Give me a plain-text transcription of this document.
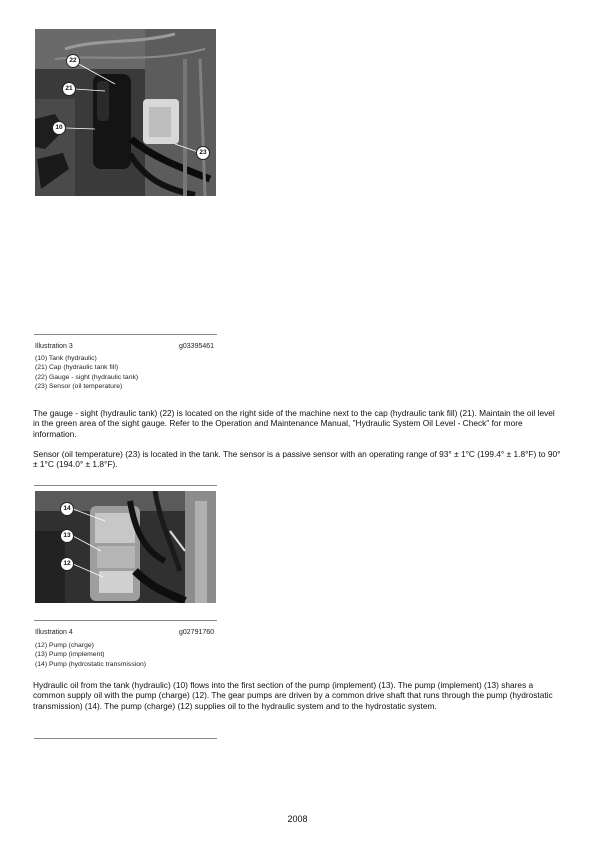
22
21
10
23
Illustration 3	g03395461
(10) Tank (hydraulic)
(21) Cap (hydraulic tank fill)
(22) Gauge - sight (hydraulic tank)
(23) Sensor (oil temperature)

The gauge - sight (hydraulic tank) (22) is located on the right side of the machine next to the cap (hydraulic tank fill) (21). Maintain the oil level in the green area of the sight gauge. Refer to the Operation and Maintenance Manual, "Hydraulic System Oil Level - Check" for more information.

Sensor (oil temperature) (23) is located in the tank. The sensor is a passive sensor with an operating range of 93° ± 1°C (199.4° ± 1.8°F) to 90° ± 1°C (194.0° ± 1.8°F).

14
13
12
Illustration 4	g02791760
(12) Pump (charge)
(13) Pump (implement)
(14) Pump (hydrostatic transmission)

Hydraulic oil from the tank (hydraulic) (10) flows into the first section of the pump (implement) (13). The pump (implement) (13) shares a common supply oil with the pump (charge) (12). The gear pumps are driven by a common drive shaft that runs through the pump (hydrostatic transmission) (14). The pump (charge) (12) supplies oil to the hydraulic system and to the hydrostatic system.

2008
